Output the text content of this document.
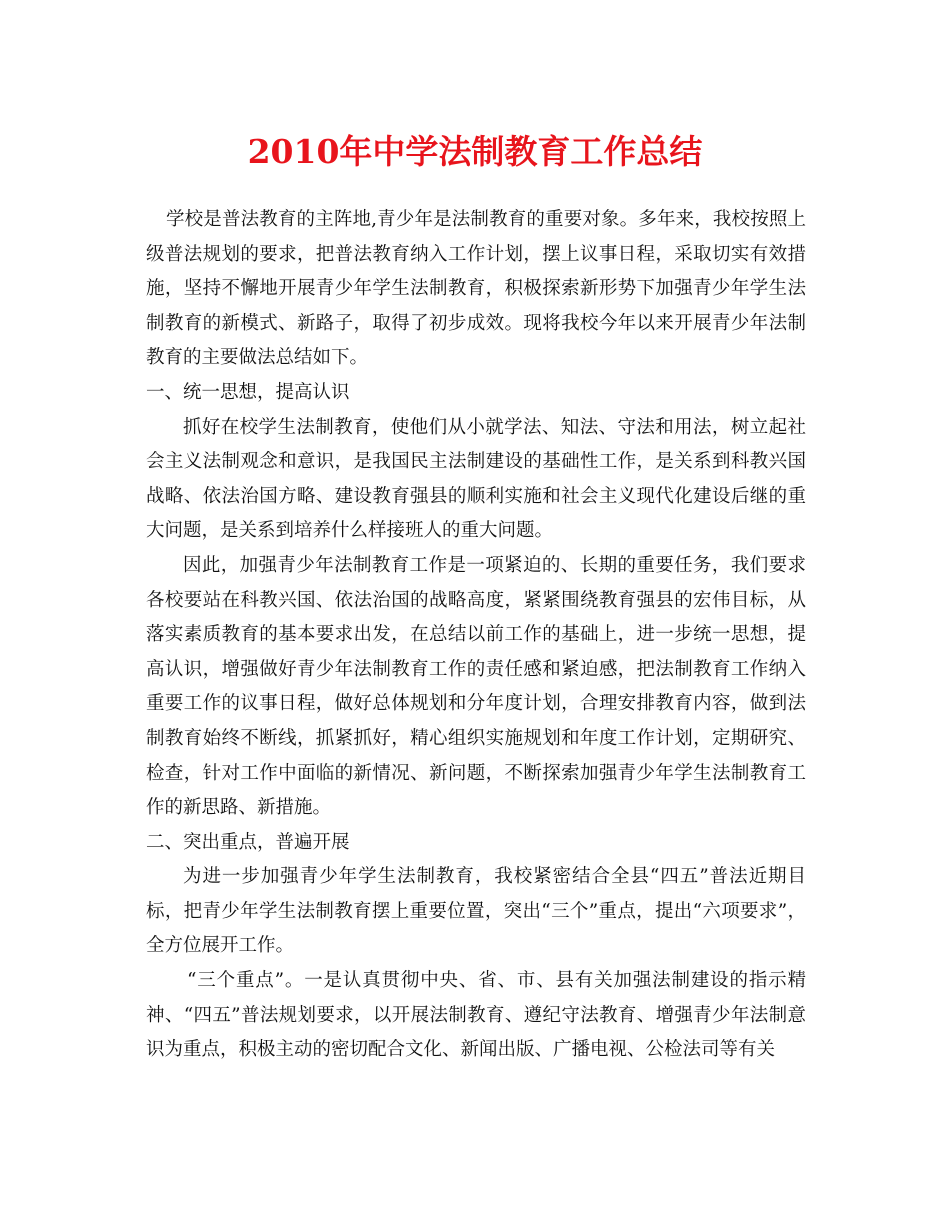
2010年中学法制教育工作总结

学校是普法教育的主阵地,青少年是法制教育的重要对象。多年来，我校按照上级普法规划的要求，把普法教育纳入工作计划，摆上议事日程，采取切实有效措施，坚持不懈地开展青少年学生法制教育，积极探索新形势下加强青少年学生法制教育的新模式、新路子，取得了初步成效。现将我校今年以来开展青少年法制教育的主要做法总结如下。

一、统一思想，提高认识

抓好在校学生法制教育，使他们从小就学法、知法、守法和用法，树立起社会主义法制观念和意识，是我国民主法制建设的基础性工作，是关系到科教兴国战略、依法治国方略、建设教育强县的顺利实施和社会主义现代化建设后继的重大问题，是关系到培养什么样接班人的重大问题。

因此，加强青少年法制教育工作是一项紧迫的、长期的重要任务，我们要求各校要站在科教兴国、依法治国的战略高度，紧紧围绕教育强县的宏伟目标，从落实素质教育的基本要求出发，在总结以前工作的基础上，进一步统一思想，提高认识，增强做好青少年法制教育工作的责任感和紧迫感，把法制教育工作纳入重要工作的议事日程，做好总体规划和分年度计划，合理安排教育内容，做到法制教育始终不断线，抓紧抓好，精心组织实施规划和年度工作计划，定期研究、检查，针对工作中面临的新情况、新问题，不断探索加强青少年学生法制教育工作的新思路、新措施。

二、突出重点，普遍开展

为进一步加强青少年学生法制教育，我校紧密结合全县“四五”普法近期目标，把青少年学生法制教育摆上重要位置，突出“三个”重点，提出“六项要求”，全方位展开工作。

“三个重点”。一是认真贯彻中央、省、市、县有关加强法制建设的指示精神、“四五”普法规划要求，以开展法制教育、遵纪守法教育、增强青少年法制意识为重点，积极主动的密切配合文化、新闻出版、广播电视、公检法司等有关
